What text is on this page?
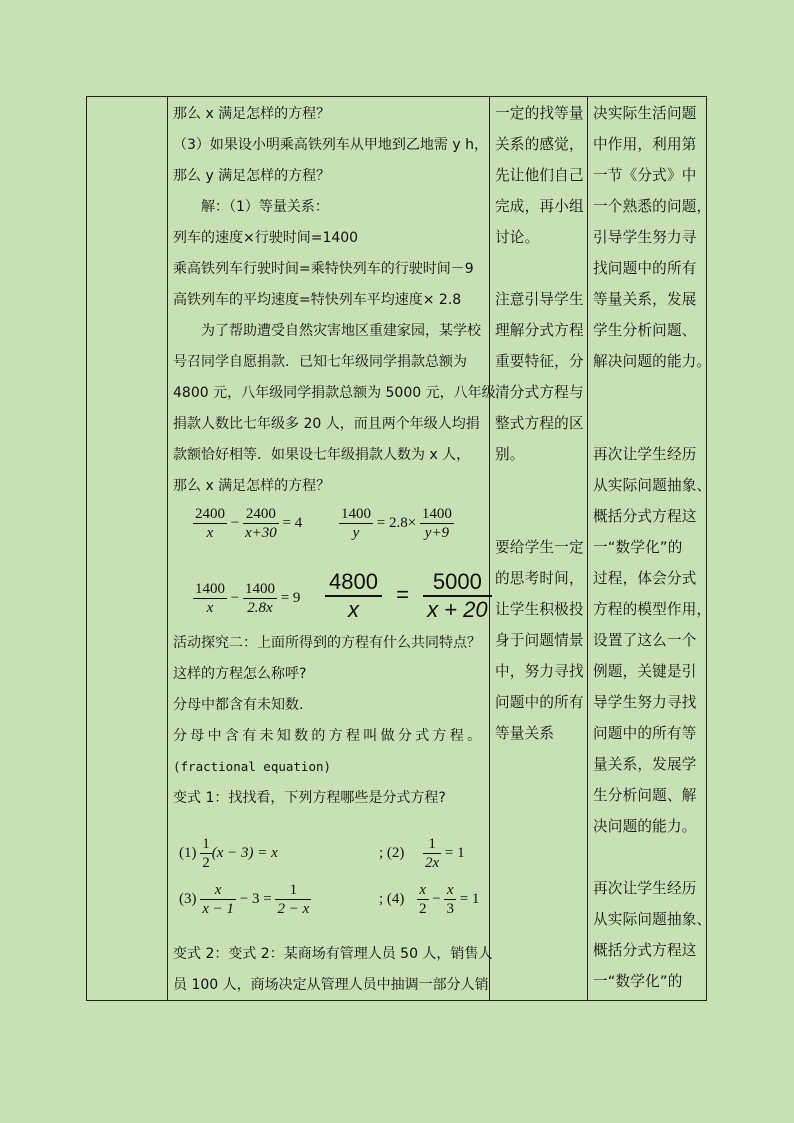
那么 x 满足怎样的方程？
（3）如果设小明乘高铁列车从甲地到乙地需 y h，
那么 y 满足怎样的方程？
解：（1）等量关系：
列车的速度×行驶时间=1400
乘高铁列车行驶时间=乘特快列车的行驶时间－9
高铁列车的平均速度=特快列车平均速度× 2.8
为了帮助遭受自然灾害地区重建家园，某学校
号召同学自愿捐款．已知七年级同学捐款总额为
4800 元，八年级同学捐款总额为 5000 元，八年级
捐款人数比七年级多 20 人，而且两个年级人均捐
款额恰好相等．如果设七年级捐款人数为 x 人，
那么 x 满足怎样的方程？
$\frac{2400}{x} - \frac{2400}{x+30} = 4 \frac{1400}{y} = 2.8\times \frac{1400}{y+9}$
$\frac{1400}{x} - \frac{1400}{2.8x} = 9 \frac{4800}{x} = \frac{5000}{x + 20}$
活动探究二：上面所得到的方程有什么共同特点？
这样的方程怎么称呼?
分母中都含有未知数.
分母中含有未知数的方程叫做分式方程。
(fractional equation)
变式 1：找找看，下列方程哪些是分式方程?
$(1) \frac{1}{2} (x - 3) = x$	; $(2) \frac{1}{2x} = 1$
$(3) \frac{x}{x - 1} - 3 = \frac{1}{2 - x}$	; $(4) \frac{x}{2} - \frac{x}{3} = 1$
变式 2：变式 2：某商场有管理人员 50 人，销售人
员 100 人，商场决定从管理人员中抽调一部分人销
一定的找等量
关系的感觉，
先让他们自己
完成，再小组
讨论。
注意引导学生
理解分式方程
重要特征，分
清分式方程与
整式方程的区
别。
要给学生一定
的思考时间，
让学生积极投
身于问题情景
中，努力寻找
问题中的所有
等量关系
决实际生活问题
中作用，利用第
一节《分式》中
一个熟悉的问题，
引导学生努力寻
找问题中的所有
等量关系，发展
学生分析问题、
解决问题的能力。
再次让学生经历
从实际问题抽象、
概括分式方程这
一“数学化”的
过程，体会分式
方程的模型作用，
设置了这么一个
例题，关键是引
导学生努力寻找
问题中的所有等
量关系，发展学
生分析问题、解
决问题的能力。
再次让学生经历
从实际问题抽象、
概括分式方程这
一“数学化”的
